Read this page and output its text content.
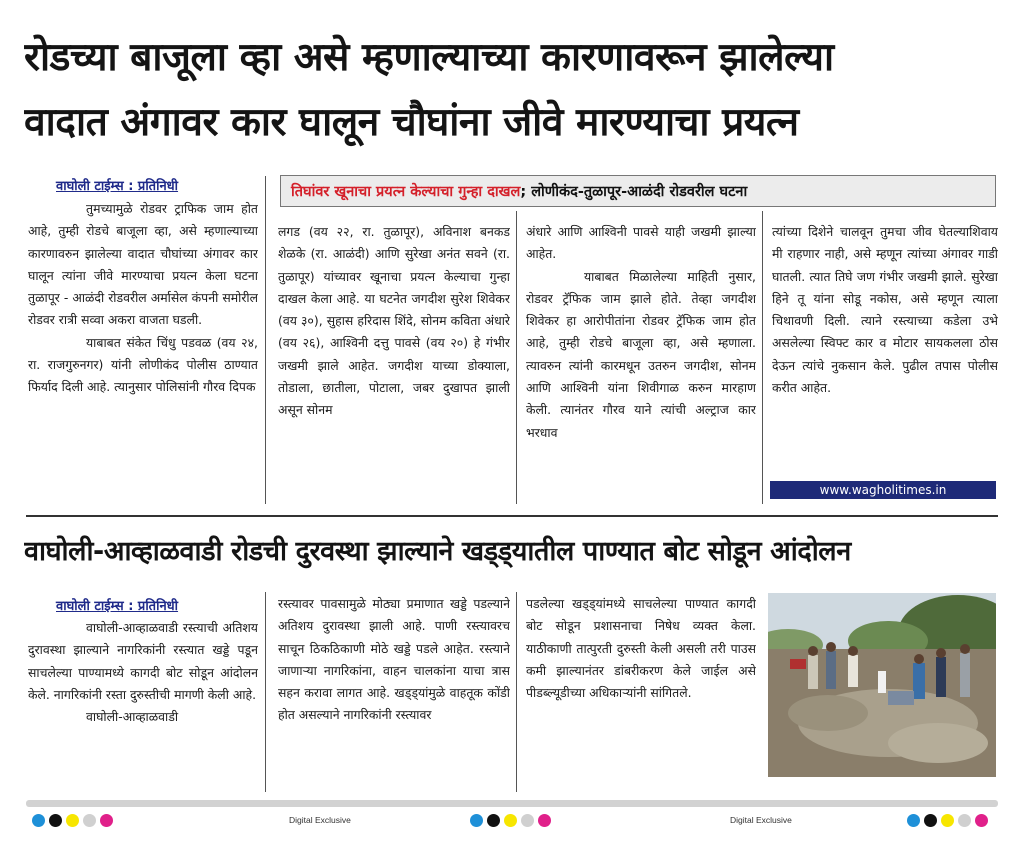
रोडच्या बाजूला व्हा असे म्हणाल्याच्या कारणावरून झालेल्या
वादात अंगावर कार घालून चौघांना जीवे मारण्याचा प्रयत्न
वाघोली टाईम्स : प्रतिनिधी	तिघांवर खूनाचा प्रयत्न केल्याचा गुन्हा दाखल ; लोणीकंद-तुळापूर-आळंदी रोडवरील घटना

तुमच्यामुळे रोडवर ट्राफिक जाम होत आहे, तुम्ही रोडचे बाजूला व्हा, असे म्हणाल्याच्या कारणावरुन झालेल्या वादात चौघांच्या अंगावर कार घालून त्यांना जीवे मारण्याचा प्रयत्न केला घटना तुळापूर - आळंदी रोडवरील अर्मासेल कंपनी समोरील रोडवर रात्री सव्वा अकरा वाजता घडली.

याबाबत संकेत चिंधु पडवळ (वय २४, रा. राजगुरुनगर) यांनी लोणीकंद पोलीस ठाण्यात फिर्याद दिली आहे. त्यानुसार पोलिसांनी गौरव दिपक

लगड (वय २२, रा. तुळापूर), अविनाश बनकड शेळके (रा. आळंदी) आणि सुरेखा अनंत सवने (रा. तुळापूर) यांच्यावर खूनाचा प्रयत्न केल्याचा गुन्हा दाखल केला आहे. या घटनेत जगदीश सुरेश शिवेकर (वय ३०), सुहास हरिदास शिंदे, सोनम कविता अंधारे (वय २६), आश्विनी दत्तु पावसे (वय २०) हे गंभीर जखमी झाले आहेत. जगदीश याच्या डोक्याला, तोडाला, छातीला, पोटाला, जबर दुखापत झाली असून सोनम

अंधारे आणि आश्विनी पावसे याही जखमी झाल्या आहेत.

याबाबत मिळालेल्या माहिती नुसार, रोडवर ट्रॅफिक जाम झाले होते. तेव्हा जगदीश शिवेकर हा आरोपीतांना रोडवर ट्रॅफिक जाम होत आहे, तुम्ही रोडचे बाजूला व्हा, असे म्हणाला. त्यावरुन त्यांनी कारमधून उतरुन जगदीश, सोनम आणि आश्विनी यांना शिवीगाळ करुन मारहाण केली. त्यानंतर गौरव याने त्यांची अल्ट्राज कार भरधाव

त्यांच्या दिशेने चालवून तुमचा जीव घेतल्याशिवाय मी राहणार नाही, असे म्हणून त्यांच्या अंगावर गाडी घातली. त्यात तिघे जण गंभीर जखमी झाले. सुरेखा हिने तू यांना सोडू नकोस, असे म्हणून त्याला चिथावणी दिली. त्याने रस्त्याच्या कडेला उभे असलेल्या स्विफ्ट कार व मोटार सायकलला ठोस देऊन त्यांचे नुकसान केले. पुढील तपास पोलीस करीत आहेत.

www.wagholitimes.in
वाघोली-आव्हाळवाडी रोडची दुरवस्था झाल्याने खड्ड्यातील पाण्यात बोट सोडून आंदोलन
वाघोली टाईम्स : प्रतिनिधी

वाघोली-आव्हाळवाडी रस्त्याची अतिशय दुरावस्था झाल्याने नागरिकांनी रस्त्यात खड्डे पडून साचलेल्या पाण्यामध्ये कागदी बोट सोडून आंदोलन केले. नागरिकांनी रस्ता दुरुस्तीची मागणी केली आहे.

वाघोली-आव्हाळवाडी

रस्त्यावर पावसामुळे मोठ्या प्रमाणात खड्डे पडल्याने अतिशय दुरावस्था झाली आहे. पाणी रस्त्यावरच साचून ठिकठिकाणी मोठे खड्डे पडले आहेत. रस्त्याने जाणाऱ्या नागरिकांना, वाहन चालकांना याचा त्रास सहन करावा लागत आहे. खड्ड्यांमुळे वाहतूक कोंडी होत असल्याने नागरिकांनी रस्त्यावर

पडलेल्या खड्ड्यांमध्ये साचलेल्या पाण्यात कागदी बोट सोडून प्रशासनाचा निषेध व्यक्त केला. याठीकाणी तात्पुरती दुरुस्ती केली असली तरी पाउस कमी झाल्यानंतर डांबरीकरण केले जाईल असे पीडब्ल्यूडीच्या अधिकाऱ्यांनी सांगितले.

Digital Exclusive	Digital Exclusive
